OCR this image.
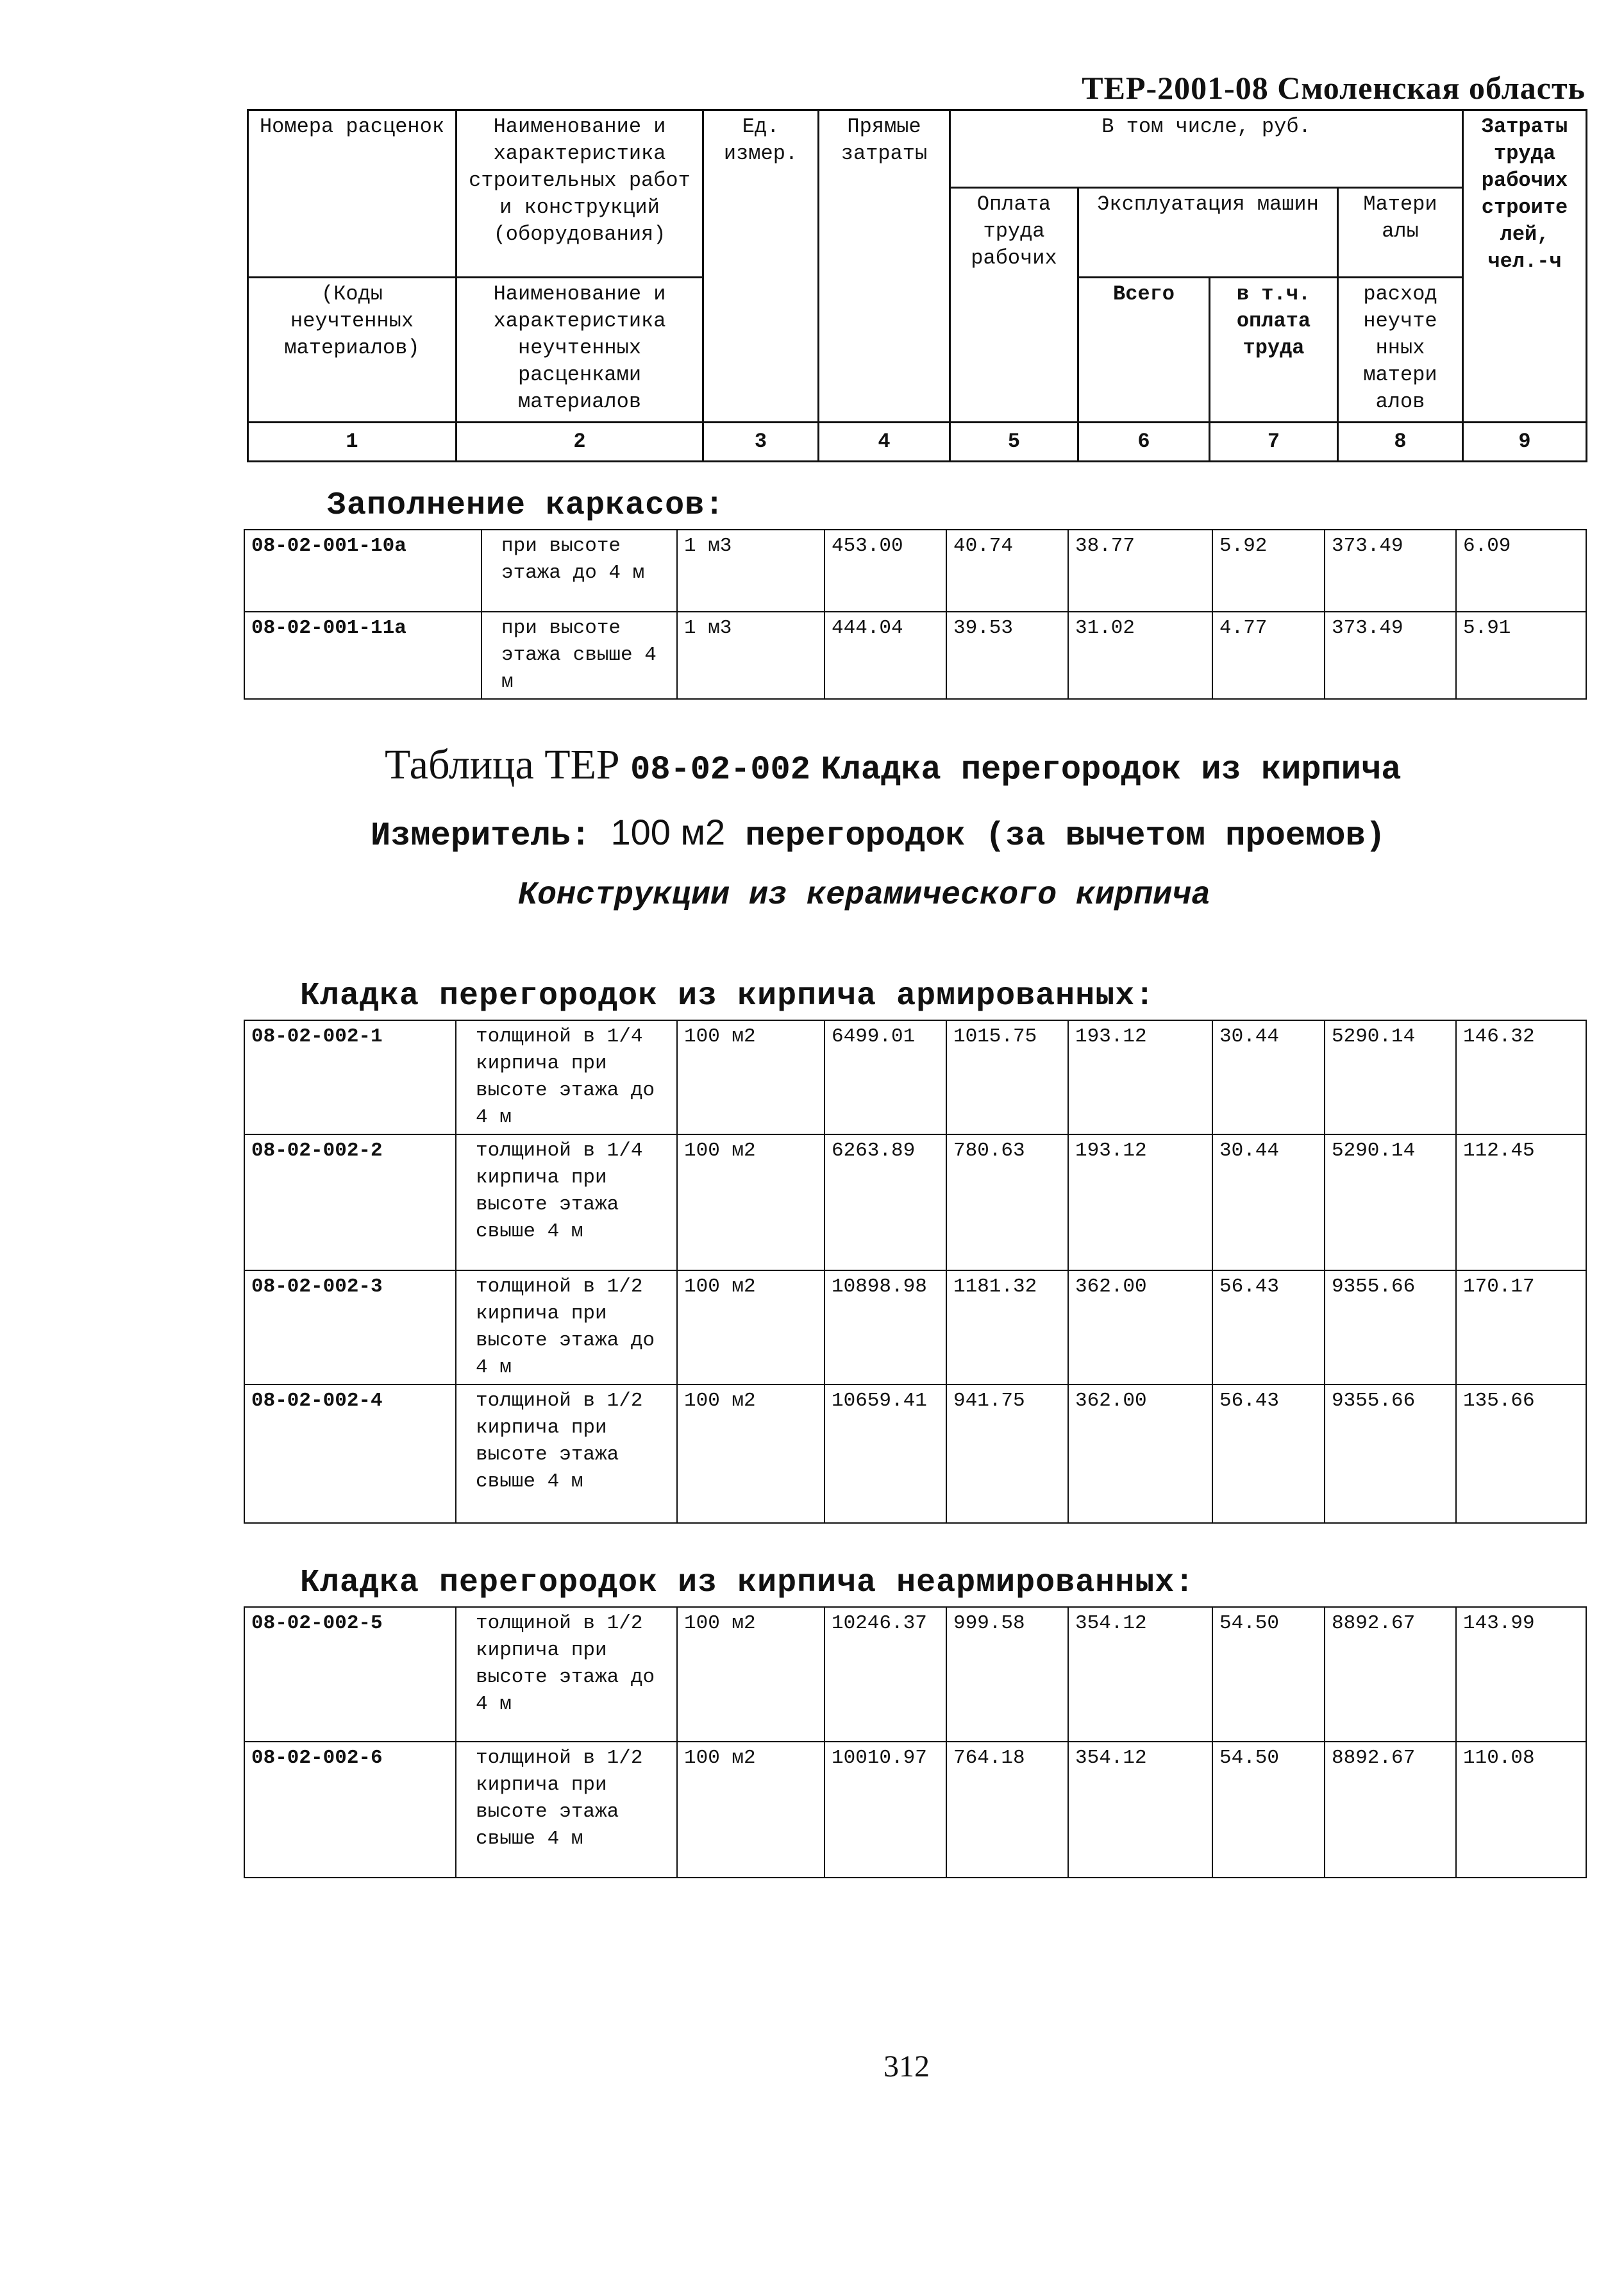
ТЕР-2001-08 Смоленская область
Номера расценок	Наименование и характеристика строительных работ и конструкций (оборудования)	Ед. измер.	Прямые затраты	В том числе, руб.				Затраты труда рабочих строите лей, чел.-ч
				Оплата труда рабочих	Эксплуатация машин		Матери алы	
(Коды неучтенных материалов)	Наименование и характеристика неучтенных расценками материалов				Всего	в т.ч. оплата труда	расход неучте нных матери алов	
1	2	3	4	5	6	7	8	9
Заполнение каркасов:
08-02-001-10а	при высоте этажа до 4 м	1 м3	453.00	40.74	38.77	5.92	373.49	6.09
08-02-001-11а	при высоте этажа свыше 4 м	1 м3	444.04	39.53	31.02	4.77	373.49	5.91
Таблица ТЕР 08-02-002 Кладка перегородок из кирпича
Измеритель: 100 м2 перегородок (за вычетом проемов)
Конструкции из керамического кирпича
Кладка перегородок из кирпича армированных:
08-02-002-1	толщиной в 1/4 кирпича при высоте этажа до 4 м	100 м2	6499.01	1015.75	193.12	30.44	5290.14	146.32
08-02-002-2	толщиной в 1/4 кирпича при высоте этажа свыше 4 м	100 м2	6263.89	780.63	193.12	30.44	5290.14	112.45
08-02-002-3	толщиной в 1/2 кирпича при высоте этажа до 4 м	100 м2	10898.98	1181.32	362.00	56.43	9355.66	170.17
08-02-002-4	толщиной в 1/2 кирпича при высоте этажа свыше 4 м	100 м2	10659.41	941.75	362.00	56.43	9355.66	135.66
Кладка перегородок из кирпича неармированных:
08-02-002-5	толщиной в 1/2 кирпича при высоте этажа до 4 м	100 м2	10246.37	999.58	354.12	54.50	8892.67	143.99
08-02-002-6	толщиной в 1/2 кирпича при высоте этажа свыше 4 м	100 м2	10010.97	764.18	354.12	54.50	8892.67	110.08
312
